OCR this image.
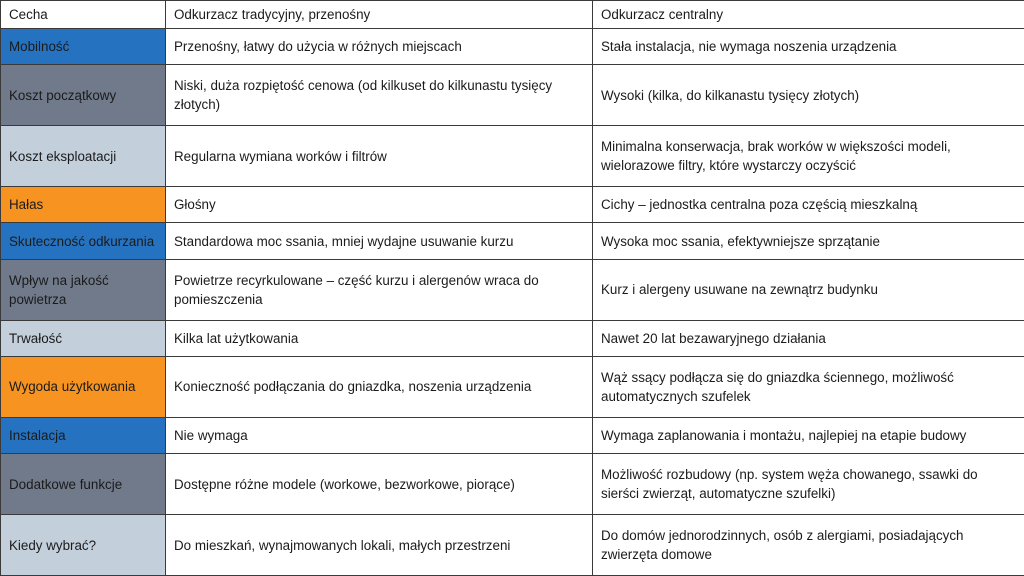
Cecha	Odkurzacz tradycyjny, przenośny	Odkurzacz centralny
Mobilność	Przenośny, łatwy do użycia w różnych miejscach	Stała instalacja, nie wymaga noszenia urządzenia
Koszt początkowy	Niski, duża rozpiętość cenowa (od kilkuset do kilkunastu tysięcy złotych)	Wysoki (kilka, do kilkanastu tysięcy złotych)
Koszt eksploatacji	Regularna wymiana worków i filtrów	Minimalna konserwacja, brak worków w większości modeli, wielorazowe filtry, które wystarczy oczyścić
Hałas	Głośny	Cichy – jednostka centralna poza częścią mieszkalną
Skuteczność odkurzania	Standardowa moc ssania, mniej wydajne usuwanie kurzu	Wysoka moc ssania, efektywniejsze sprzątanie
Wpływ na jakość powietrza	Powietrze recyrkulowane – część kurzu i alergenów wraca do pomieszczenia	Kurz i alergeny usuwane na zewnątrz budynku
Trwałość	Kilka lat użytkowania	Nawet 20 lat bezawaryjnego działania
Wygoda użytkowania	Konieczność podłączania do gniazdka, noszenia urządzenia	Wąż ssący podłącza się do gniazdka ściennego, możliwość automatycznych szufelek
Instalacja	Nie wymaga	Wymaga zaplanowania i montażu, najlepiej na etapie budowy
Dodatkowe funkcje	Dostępne różne modele (workowe, bezworkowe, piorące)	Możliwość rozbudowy (np. system węża chowanego, ssawki do sierści zwierząt, automatyczne szufelki)
Kiedy wybrać?	Do mieszkań, wynajmowanych lokali, małych przestrzeni	Do domów jednorodzinnych, osób z alergiami, posiadających zwierzęta domowe
